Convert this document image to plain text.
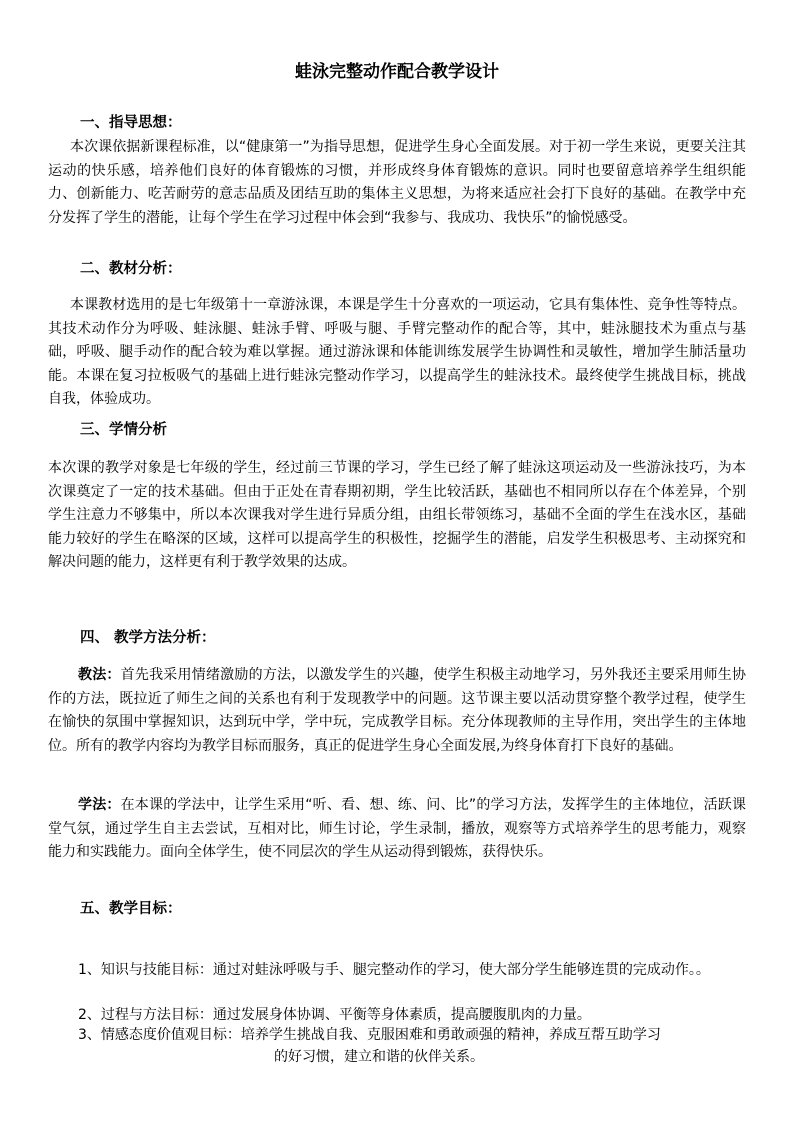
蛙泳完整动作配合教学设计
一、指导思想：
本次课依据新课程标准，以“健康第一”为指导思想，促进学生身心全面发展。对于初一学生来说，更要关注其运动的快乐感，培养他们良好的体育锻炼的习惯，并形成终身体育锻炼的意识。同时也要留意培养学生组织能力、创新能力、吃苦耐劳的意志品质及团结互助的集体主义思想，为将来适应社会打下良好的基础。在教学中充分发挥了学生的潜能，让每个学生在学习过程中体会到“我参与、我成功、我快乐”的愉悦感受。
二、教材分析：
本课教材选用的是七年级第十一章游泳课，本课是学生十分喜欢的一项运动，它具有集体性、竞争性等特点。其技术动作分为呼吸、蛙泳腿、蛙泳手臂、呼吸与腿、手臂完整动作的配合等，其中，蛙泳腿技术为重点与基础，呼吸、腿手动作的配合较为难以掌握。通过游泳课和体能训练发展学生协调性和灵敏性，增加学生肺活量功能。本课在复习拉板吸气的基础上进行蛙泳完整动作学习，以提高学生的蛙泳技术。最终使学生挑战目标，挑战自我，体验成功。
三、学情分析
本次课的教学对象是七年级的学生，经过前三节课的学习，学生已经了解了蛙泳这项运动及一些游泳技巧，为本次课奠定了一定的技术基础。但由于正处在青春期初期，学生比较活跃，基础也不相同所以存在个体差异，个别学生注意力不够集中，所以本次课我对学生进行异质分组，由组长带领练习，基础不全面的学生在浅水区，基础能力较好的学生在略深的区域，这样可以提高学生的积极性，挖掘学生的潜能，启发学生积极思考、主动探究和解决问题的能力，这样更有利于教学效果的达成。
四、 教学方法分析：
教法：首先我采用情绪激励的方法，以激发学生的兴趣，使学生积极主动地学习，另外我还主要采用师生协作的方法，既拉近了师生之间的关系也有利于发现教学中的问题。这节课主要以活动贯穿整个教学过程，使学生在愉快的氛围中掌握知识，达到玩中学，学中玩，完成教学目标。充分体现教师的主导作用，突出学生的主体地位。所有的教学内容均为教学目标而服务，真正的促进学生身心全面发展,为终身体育打下良好的基础。
学法：在本课的学法中，让学生采用“听、看、想、练、问、比”的学习方法，发挥学生的主体地位，活跃课堂气氛，通过学生自主去尝试，互相对比，师生讨论，学生录制，播放，观察等方式培养学生的思考能力，观察能力和实践能力。面向全体学生，使不同层次的学生从运动得到锻炼，获得快乐。
五、教学目标：
1、知识与技能目标：通过对蛙泳呼吸与手、腿完整动作的学习，使大部分学生能够连贯的完成动作。。
2、过程与方法目标：通过发展身体协调、平衡等身体素质，提高腰腹肌肉的力量。
3、情感态度价值观目标：培养学生挑战自我、克服困难和勇敢顽强的精神，养成互帮互助学习
的好习惯，建立和谐的伙伴关系。
